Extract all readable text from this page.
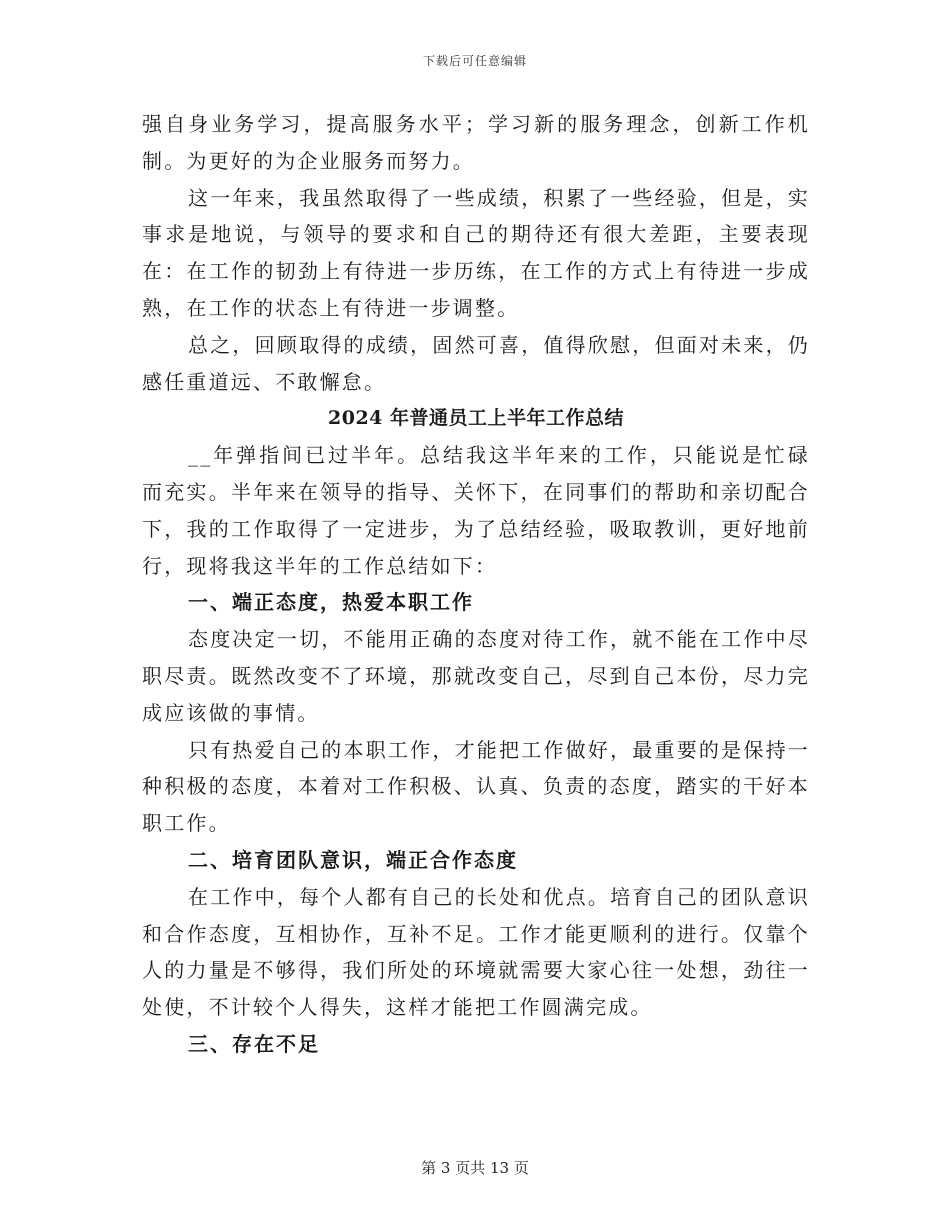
下载后可任意编辑

强自身业务学习，提高服务水平；学习新的服务理念，创新工作机制。为更好的为企业服务而努力。

这一年来，我虽然取得了一些成绩，积累了一些经验，但是，实事求是地说，与领导的要求和自己的期待还有很大差距，主要表现在：在工作的韧劲上有待进一步历练，在工作的方式上有待进一步成熟，在工作的状态上有待进一步调整。

总之，回顾取得的成绩，固然可喜，值得欣慰，但面对未来，仍感任重道远、不敢懈怠。

2024 年普通员工上半年工作总结

__年弹指间已过半年。总结我这半年来的工作，只能说是忙碌而充实。半年来在领导的指导、关怀下，在同事们的帮助和亲切配合下，我的工作取得了一定进步，为了总结经验，吸取教训，更好地前行，现将我这半年的工作总结如下：

一、端正态度，热爱本职工作

态度决定一切，不能用正确的态度对待工作，就不能在工作中尽职尽责。既然改变不了环境，那就改变自己，尽到自己本份，尽力完成应该做的事情。

只有热爱自己的本职工作，才能把工作做好，最重要的是保持一种积极的态度，本着对工作积极、认真、负责的态度，踏实的干好本职工作。

二、培育团队意识，端正合作态度

在工作中，每个人都有自己的长处和优点。培育自己的团队意识和合作态度，互相协作，互补不足。工作才能更顺利的进行。仅靠个人的力量是不够得，我们所处的环境就需要大家心往一处想，劲往一处使，不计较个人得失，这样才能把工作圆满完成。

三、存在不足

第 3 页共 13 页
